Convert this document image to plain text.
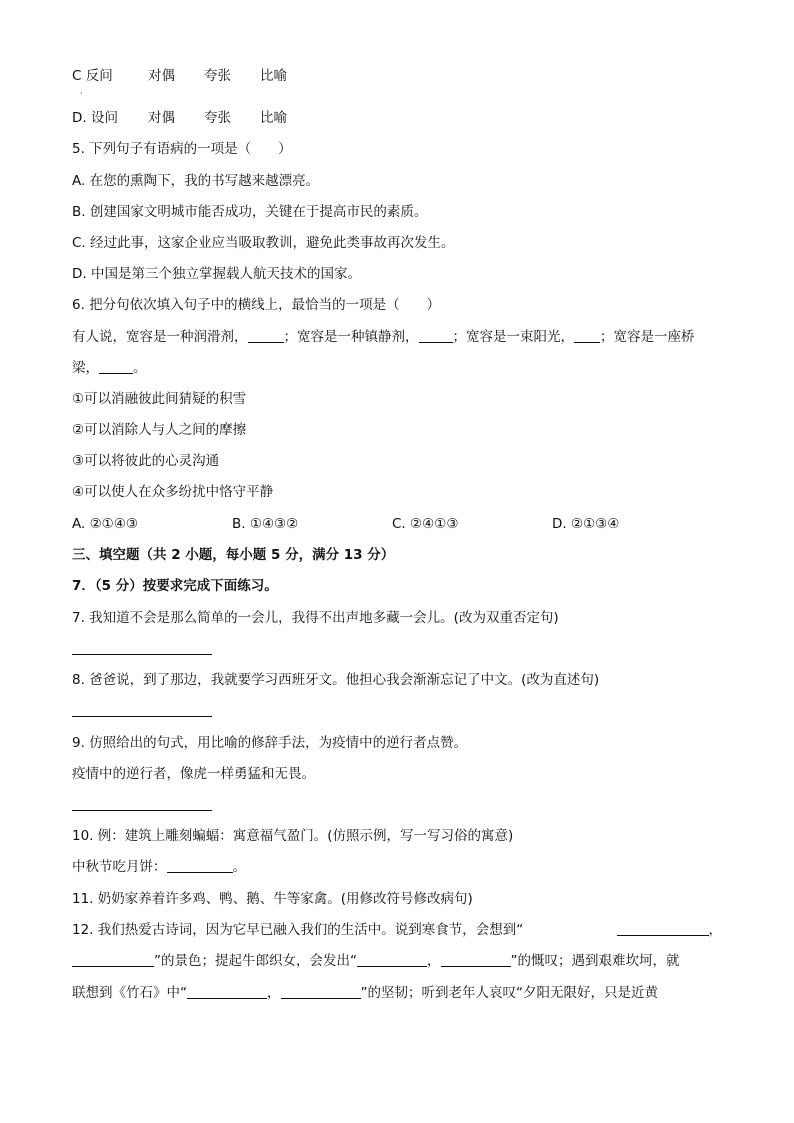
C 反问	对偶 夸张 比喻
·
D. 设问 对偶 夸张 比喻
5. 下列句子有语病的一项是（　　）
A. 在您的熏陶下，我的书写越来越漂亮。
B. 创建国家文明城市能否成功，关键在于提高市民的素质。
C. 经过此事，这家企业应当吸取教训，避免此类事故再次发生。
D. 中国是第三个独立掌握载人航天技术的国家。
6. 把分句依次填入句子中的横线上，最恰当的一项是（　　）
有人说，宽容是一种润滑剂，	；宽容是一种镇静剂，	；宽容是一束阳光， ；宽容是一座桥
梁，	。
①可以消融彼此间猜疑的积雪
②可以消除人与人之间的摩擦
③可以将彼此的心灵沟通
④可以使人在众多纷扰中恪守平静
A. ②①④③	B. ①④③②	C. ②④①③	D. ②①③④
三、填空题（共 2 小题，每小题 5 分，满分 13 分）
7．（5 分）按要求完成下面练习。
7. 我知道不会是那么简单的一会儿，我得不出声地多藏一会儿。(改为双重否定句)
8. 爸爸说，到了那边，我就要学习西班牙文。他担心我会渐渐忘记了中文。(改为直述句)
9. 仿照给出的句式，用比喻的修辞手法，为疫情中的逆行者点赞。
疫情中的逆行者，像虎一样勇猛和无畏。
10. 例：建筑上雕刻蝙蝠：寓意福气盈门。(仿照示例，写一写习俗的寓意)
中秋节吃月饼：	。
11. 奶奶家养着许多鸡、鸭、鹅、牛等家禽。(用修改符号修改病句)
12. 我们热爱古诗词，因为它早已融入我们的生活中。说到寒食节，会想到“	，
”的景色；提起牛郎织女，会发出“	，	”的慨叹；遇到艰难坎坷，就
联想到《竹石》中“	，	”的坚韧；听到老年人哀叹“夕阳无限好，只是近黄
